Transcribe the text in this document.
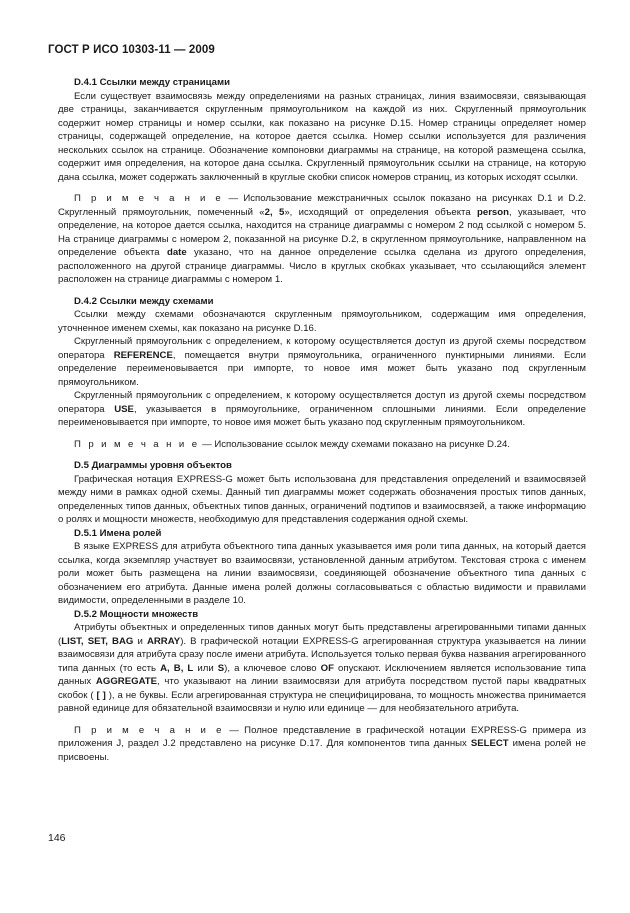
ГОСТ Р ИСО 10303-11 — 2009
D.4.1 Ссылки между страницами

Если существует взаимосвязь между определениями на разных страницах, линия взаимосвязи, связывающая две страницы, заканчивается скругленным прямоугольником на каждой из них. Скругленный прямоугольник содержит номер страницы и номер ссылки, как показано на рисунке D.15. Номер страницы определяет номер страницы, содержащей определение, на которое дается ссылка. Номер ссылки используется для различения нескольких ссылок на странице. Обозначение компоновки диаграммы на странице, на которой размещена ссылка, содержит имя определения, на которое дана ссылка. Скругленный прямоугольник ссылки на странице, на которую дана ссылка, может содержать заключенный в круглые скобки список номеров страниц, из которых исходят ссылки.

П р и м е ч а н и е — Использование межстраничных ссылок показано на рисунках D.1 и D.2. Скругленный прямоугольник, помеченный «2, 5», исходящий от определения объекта person, указывает, что определение, на которое дается ссылка, находится на странице диаграммы с номером 2 под ссылкой с номером 5. На странице диаграммы с номером 2, показанной на рисунке D.2, в скругленном прямоугольнике, направленном на определение объекта date указано, что на данное определение ссылка сделана из другого определения, расположенного на другой странице диаграммы. Число в круглых скобках указывает, что ссылающийся элемент расположен на странице диаграммы с номером 1.

D.4.2 Ссылки между схемами

Ссылки между схемами обозначаются скругленным прямоугольником, содержащим имя определения, уточненное именем схемы, как показано на рисунке D.16.

Скругленный прямоугольник с определением, к которому осуществляется доступ из другой схемы посредством оператора REFERENCE, помещается внутри прямоугольника, ограниченного пунктирными линиями. Если определение переименовывается при импорте, то новое имя может быть указано под скругленным прямоугольником.

Скругленный прямоугольник с определением, к которому осуществляется доступ из другой схемы посредством оператора USE, указывается в прямоугольнике, ограниченном сплошными линиями. Если определение переименовывается при импорте, то новое имя может быть указано под скругленным прямоугольником.

П р и м е ч а н и е — Использование ссылок между схемами показано на рисунке D.24.

D.5 Диаграммы уровня объектов

Графическая нотация EXPRESS-G может быть использована для представления определений и взаимосвязей между ними в рамках одной схемы. Данный тип диаграммы может содержать обозначения простых типов данных, определенных типов данных, объектных типов данных, ограничений подтипов и взаимосвязей, а также информацию о ролях и мощности множеств, необходимую для представления содержания одной схемы.

D.5.1 Имена ролей

В языке EXPRESS для атрибута объектного типа данных указывается имя роли типа данных, на который дается ссылка, когда экземпляр участвует во взаимосвязи, установленной данным атрибутом. Текстовая строка с именем роли может быть размещена на линии взаимосвязи, соединяющей обозначение объектного типа данных с обозначением его атрибута. Данные имена ролей должны согласовываться с областью видимости и правилами видимости, определенными в разделе 10.

D.5.2 Мощности множеств

Атрибуты объектных и определенных типов данных могут быть представлены агрегированными типами данных (LIST, SET, BAG и ARRAY). В графической нотации EXPRESS-G агрегированная структура указывается на линии взаимосвязи для атрибута сразу после имени атрибута. Используется только первая буква названия агрегированного типа данных (то есть A, B, L или S), а ключевое слово OF опускают. Исключением является использование типа данных AGGREGATE, что указывают на линии взаимосвязи для атрибута посредством пустой пары квадратных скобок ( [ ] ), а не буквы. Если агрегированная структура не специфицирована, то мощность множества принимается равной единице для обязательной взаимосвязи и нулю или единице — для необязательного атрибута.

П р и м е ч а н и е — Полное представление в графической нотации EXPRESS-G примера из приложения J, раздел J.2 представлено на рисунке D.17. Для компонентов типа данных SELECT имена ролей не присвоены.

146
